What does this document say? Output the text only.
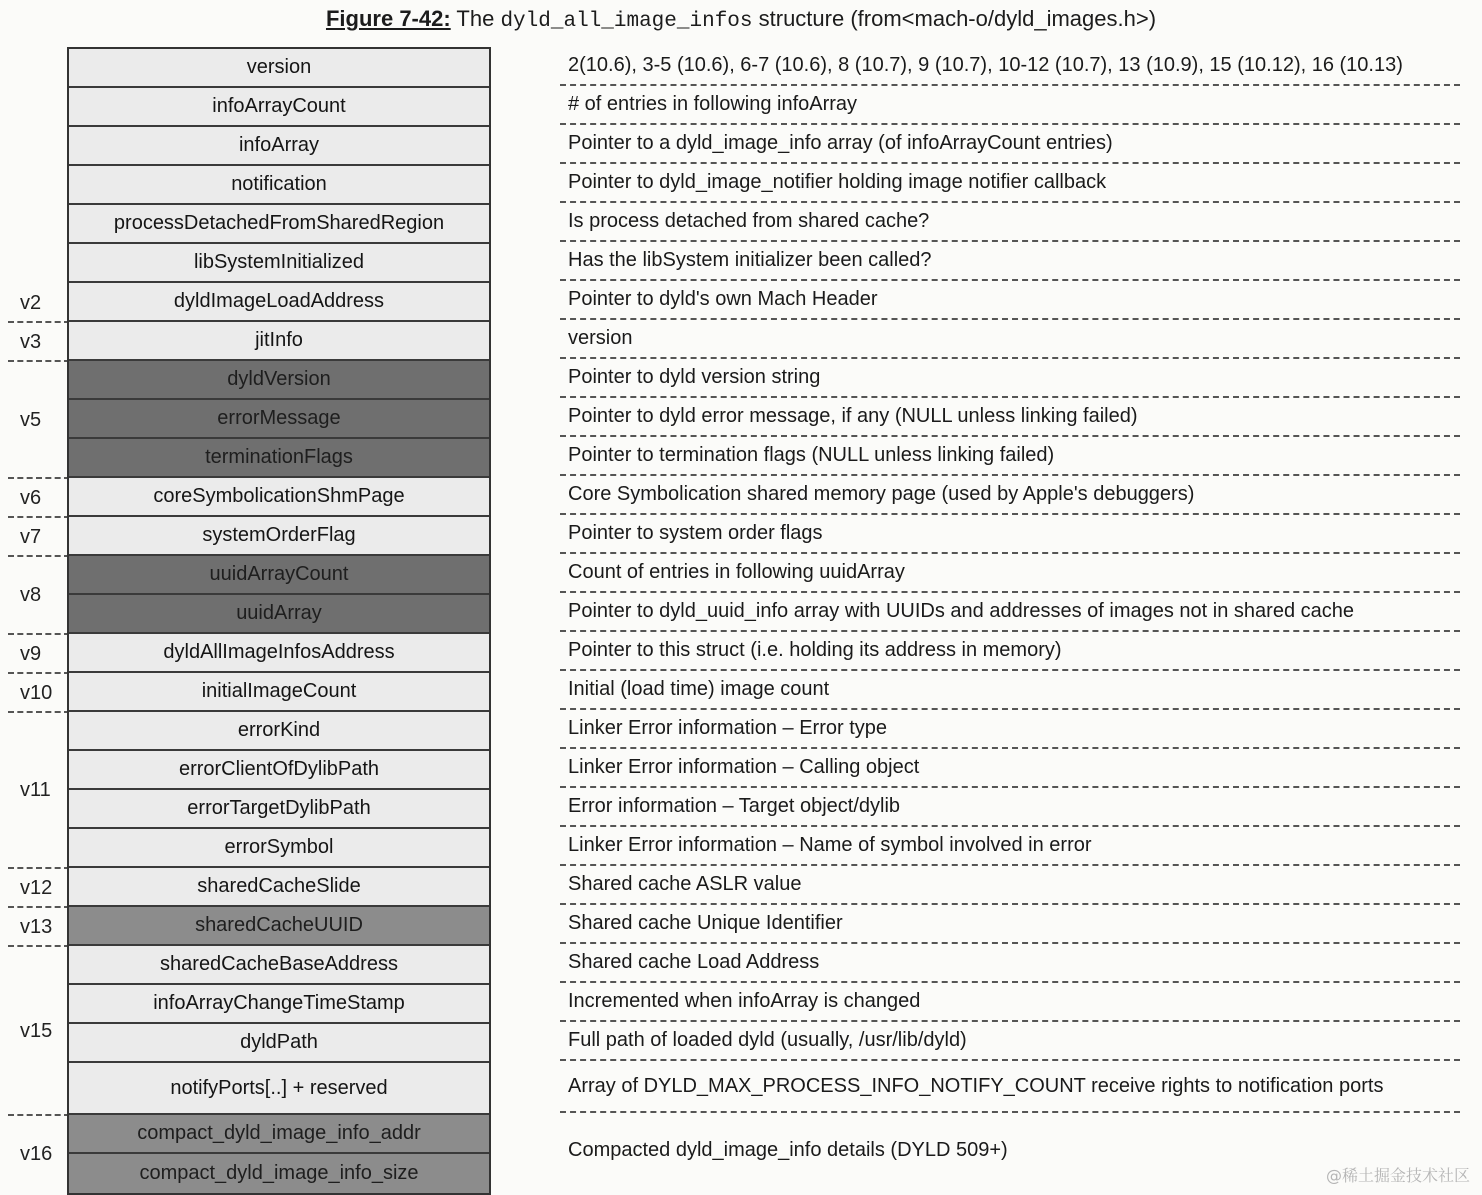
Figure 7-42: The dyld_all_image_infos structure (from<mach-o/dyld_images.h>)
v2
v3
v5
v6
v7
v8
v9
v10
v11
v12
v13
v15
v16
version
infoArrayCount
infoArray
notification
processDetachedFromSharedRegion
libSystemInitialized
dyldImageLoadAddress
jitInfo
dyldVersion
errorMessage
terminationFlags
coreSymbolicationShmPage
systemOrderFlag
uuidArrayCount
uuidArray
dyldAllImageInfosAddress
initialImageCount
errorKind
errorClientOfDylibPath
errorTargetDylibPath
errorSymbol
sharedCacheSlide
sharedCacheUUID
sharedCacheBaseAddress
infoArrayChangeTimeStamp
dyldPath
notifyPorts[..] + reserved
compact_dyld_image_info_addr
compact_dyld_image_info_size
2(10.6), 3-5 (10.6), 6-7 (10.6), 8 (10.7), 9 (10.7), 10-12 (10.7), 13 (10.9), 15 (10.12), 16 (10.13)
# of entries in following infoArray
Pointer to a dyld_image_info array (of infoArrayCount entries)
Pointer to dyld_image_notifier holding image notifier callback
Is process detached from shared cache?
Has the libSystem initializer been called?
Pointer to dyld's own Mach Header
version
Pointer to dyld version string
Pointer to dyld error message, if any (NULL unless linking failed)
Pointer to termination flags (NULL unless linking failed)
Core Symbolication shared memory page (used by Apple's debuggers)
Pointer to system order flags
Count of entries in following uuidArray
Pointer to dyld_uuid_info array with UUIDs and addresses of images not in shared cache
Pointer to this struct (i.e. holding its address in memory)
Initial (load time) image count
Linker Error information – Error type
Linker Error information – Calling object
Error information – Target object/dylib
Linker Error information – Name of symbol involved in error
Shared cache ASLR value
Shared cache Unique Identifier
Shared cache Load Address
Incremented when infoArray is changed
Full path of loaded dyld (usually, /usr/lib/dyld)
Array of DYLD_MAX_PROCESS_INFO_NOTIFY_COUNT receive rights to notification ports
Compacted dyld_image_info details (DYLD 509+)
@稀土掘金技术社区
